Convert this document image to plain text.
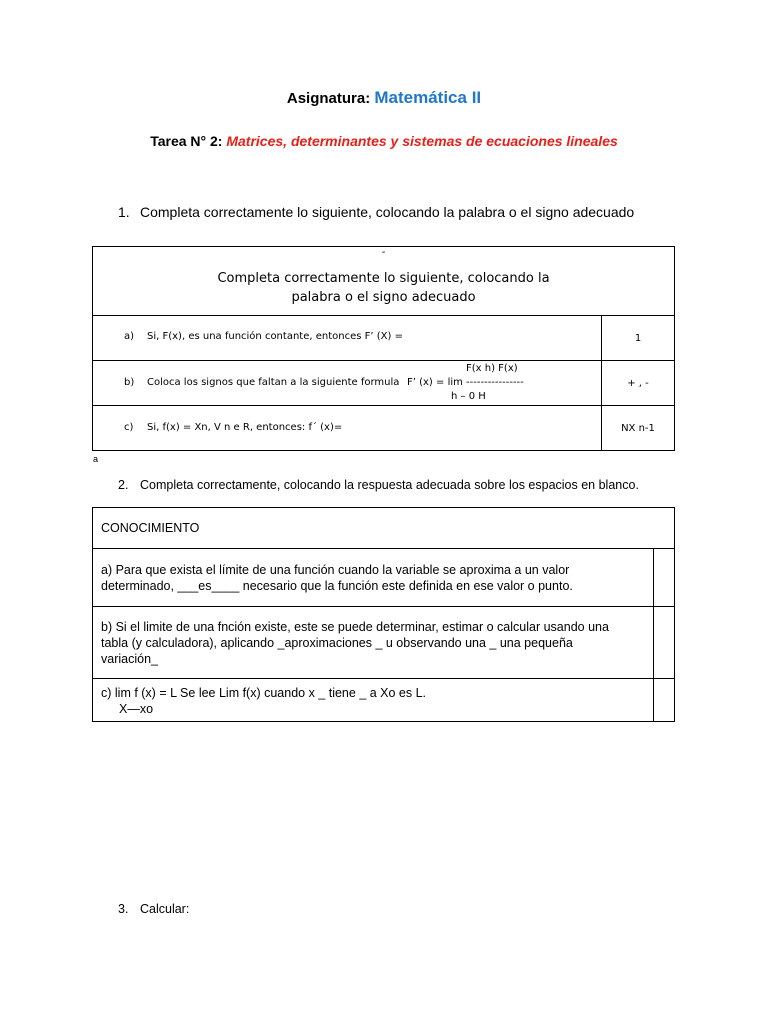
Asignatura: Matemática II
Tarea N° 2: Matrices, determinantes y sistemas de ecuaciones lineales
1. Completa correctamente lo siguiente, colocando la palabra o el signo adecuado
-
Completa correctamente lo siguiente, colocando la
palabra o el signo adecuado	

a) Si, F(x), es una función contante, entonces F’ (X) =	1

b) Coloca los signos que faltan a la siguiente formula
F(x h) F(x)
F’ (x) = lim ----------------
h – 0 H	+ , -

c) Si, f(x) = Xn, V n e R, entonces: f´ (x)=	NX n-1
a
2. Completa correctamente, colocando la respuesta adecuada sobre los espacios en blanco.
CONOCIMIENTO	

a) Para que exista el límite de una función cuando la variable se aproxima a un valor
determinado, ___es____ necesario que la función este definida en ese valor o punto.	

b) Si el limite de una fnción existe, este se puede determinar, estimar o calcular usando una
tabla (y calculadora), aplicando _aproximaciones _ u observando una _ una pequeña
variación_	

c) lim f (x) = L Se lee Lim f(x) cuando x _ tiene _ a Xo es L.
X—xo	

3. Calcular:
